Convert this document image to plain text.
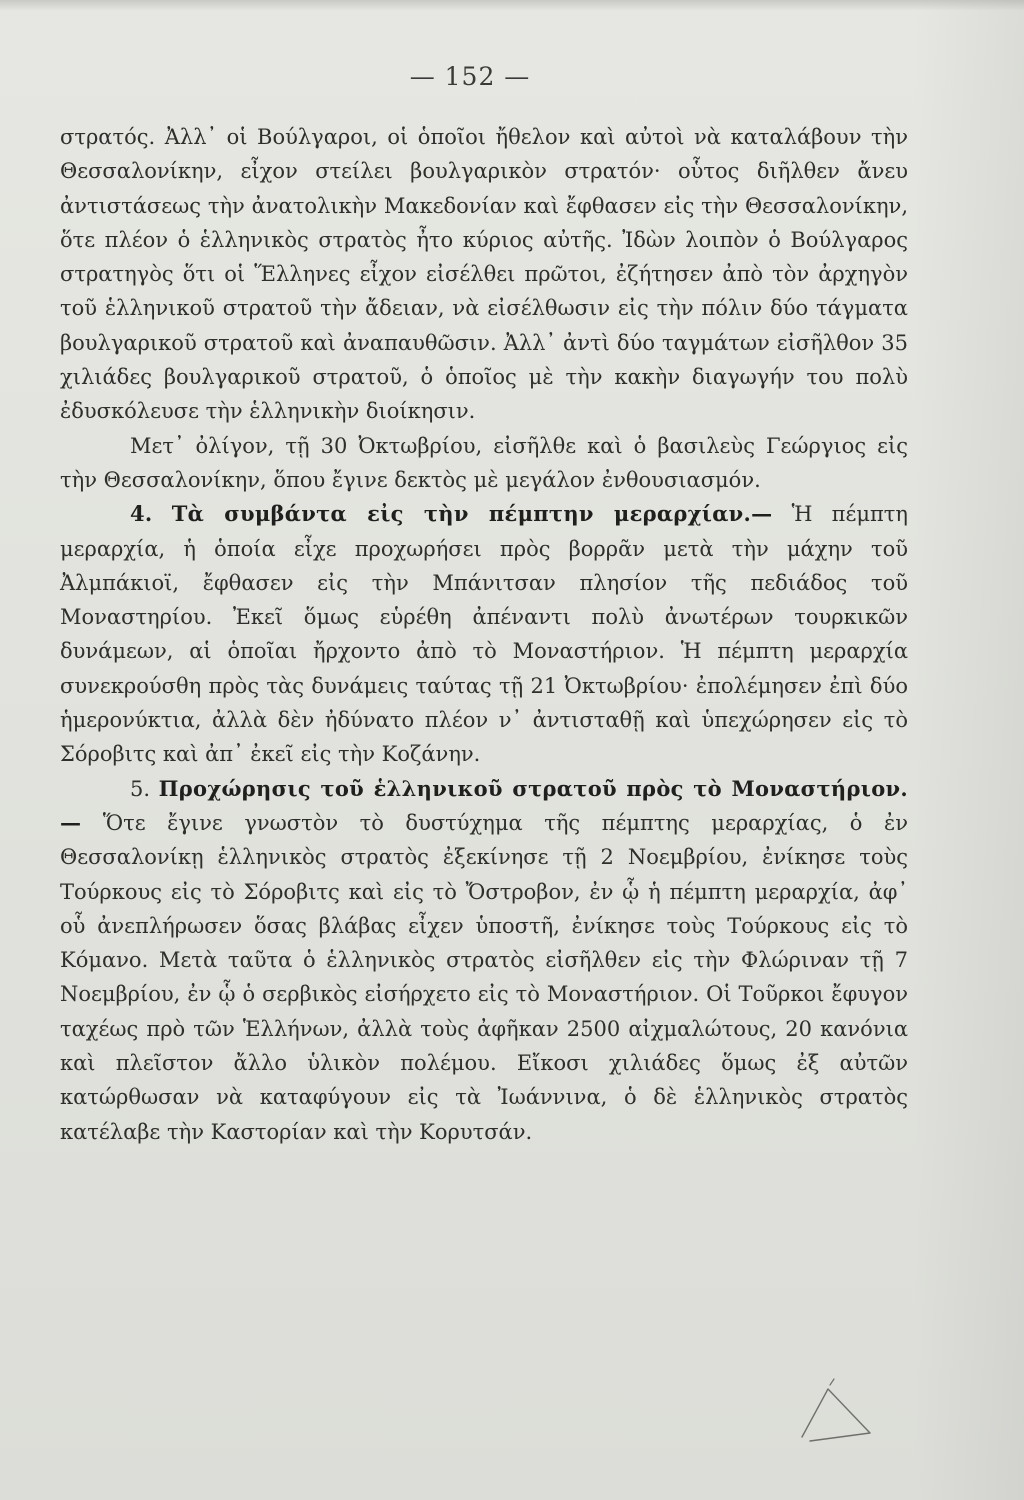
— 152 —

στρατός. Ἀλλ᾽ οἱ Βούλγαροι, οἱ ὁποῖοι ἤθελον καὶ αὐτοὶ νὰ καταλάβουν τὴν Θεσσαλονίκην, εἶχον στείλει βουλγαρικὸν στρατόν· οὗτος διῆλθεν ἄνευ ἀντιστάσεως τὴν ἀνατολικὴν Μακεδονίαν καὶ ἔφθασεν εἰς τὴν Θεσσαλονίκην, ὅτε πλέον ὁ ἑλληνικὸς στρατὸς ἦτο κύριος αὐτῆς. Ἰδὼν λοιπὸν ὁ Βούλγαρος στρατηγὸς ὅτι οἱ Ἕλληνες εἶχον εἰσέλθει πρῶτοι, ἐζήτησεν ἀπὸ τὸν ἀρχηγὸν τοῦ ἑλληνικοῦ στρατοῦ τὴν ἄδειαν, νὰ εἰσέλθωσιν εἰς τὴν πόλιν δύο τάγματα βουλγαρικοῦ στρατοῦ καὶ ἀναπαυθῶσιν. Ἀλλ᾽ ἀντὶ δύο ταγμάτων εἰσῆλθον 35 χιλιάδες βουλγαρικοῦ στρατοῦ, ὁ ὁποῖος μὲ τὴν κακὴν διαγωγήν του πολὺ ἐδυσκόλευσε τὴν ἑλληνικὴν διοίκησιν.

Μετ᾽ ὀλίγον, τῇ 30 Ὀκτωβρίου, εἰσῆλθε καὶ ὁ βασιλεὺς Γεώργιος εἰς τὴν Θεσσαλονίκην, ὅπου ἔγινε δεκτὸς μὲ μεγάλον ἐνθουσιασμόν.

4. Τὰ συμβάντα εἰς τὴν πέμπτην μεραρχίαν.— Ἡ πέμπτη μεραρχία, ἡ ὁποία εἶχε προχωρήσει πρὸς βορρᾶν μετὰ τὴν μάχην τοῦ Ἀλμπάκιοϊ, ἔφθασεν εἰς τὴν Μπάνιτσαν πλησίον τῆς πεδιάδος τοῦ Μοναστηρίου. Ἐκεῖ ὅμως εὑρέθη ἀπέναντι πολὺ ἀνωτέρων τουρκικῶν δυνάμεων, αἱ ὁποῖαι ἤρχοντο ἀπὸ τὸ Μοναστήριον. Ἡ πέμπτη μεραρχία συνεκρούσθη πρὸς τὰς δυνάμεις ταύτας τῇ 21 Ὀκτωβρίου· ἐπολέμησεν ἐπὶ δύο ἡμερονύκτια, ἀλλὰ δὲν ἠδύνατο πλέον ν᾽ ἀντισταθῇ καὶ ὑπεχώρησεν εἰς τὸ Σόροβιτς καὶ ἀπ᾽ ἐκεῖ εἰς τὴν Κοζάνην.

5. Προχώρησις τοῦ ἑλληνικοῦ στρατοῦ πρὸς τὸ Μοναστήριον.— Ὅτε ἔγινε γνωστὸν τὸ δυστύχημα τῆς πέμπτης μεραρχίας, ὁ ἐν Θεσσαλονίκῃ ἑλληνικὸς στρατὸς ἐξεκίνησε τῇ 2 Νοεμβρίου, ἐνίκησε τοὺς Τούρκους εἰς τὸ Σόροβιτς καὶ εἰς τὸ Ὄστροβον, ἐν ᾧ ἡ πέμπτη μεραρχία, ἀφ᾽ οὗ ἀνεπλήρωσεν ὅσας βλάβας εἶχεν ὑποστῆ, ἐνίκησε τοὺς Τούρκους εἰς τὸ Κόμανο. Μετὰ ταῦτα ὁ ἑλληνικὸς στρατὸς εἰσῆλθεν εἰς τὴν Φλώριναν τῇ 7 Νοεμβρίου, ἐν ᾧ ὁ σερβικὸς εἰσήρχετο εἰς τὸ Μοναστήριον. Οἱ Τοῦρκοι ἔφυγον ταχέως πρὸ τῶν Ἑλλήνων, ἀλλὰ τοὺς ἀφῆκαν 2500 αἰχμαλώτους, 20 κανόνια καὶ πλεῖστον ἄλλο ὑλικὸν πολέμου. Εἴκοσι χιλιάδες ὅμως ἐξ αὐτῶν κατώρθωσαν νὰ καταφύγουν εἰς τὰ Ἰωάννινα, ὁ δὲ ἑλληνικὸς στρατὸς κατέλαβε τὴν Καστορίαν καὶ τὴν Κορυτσάν.
